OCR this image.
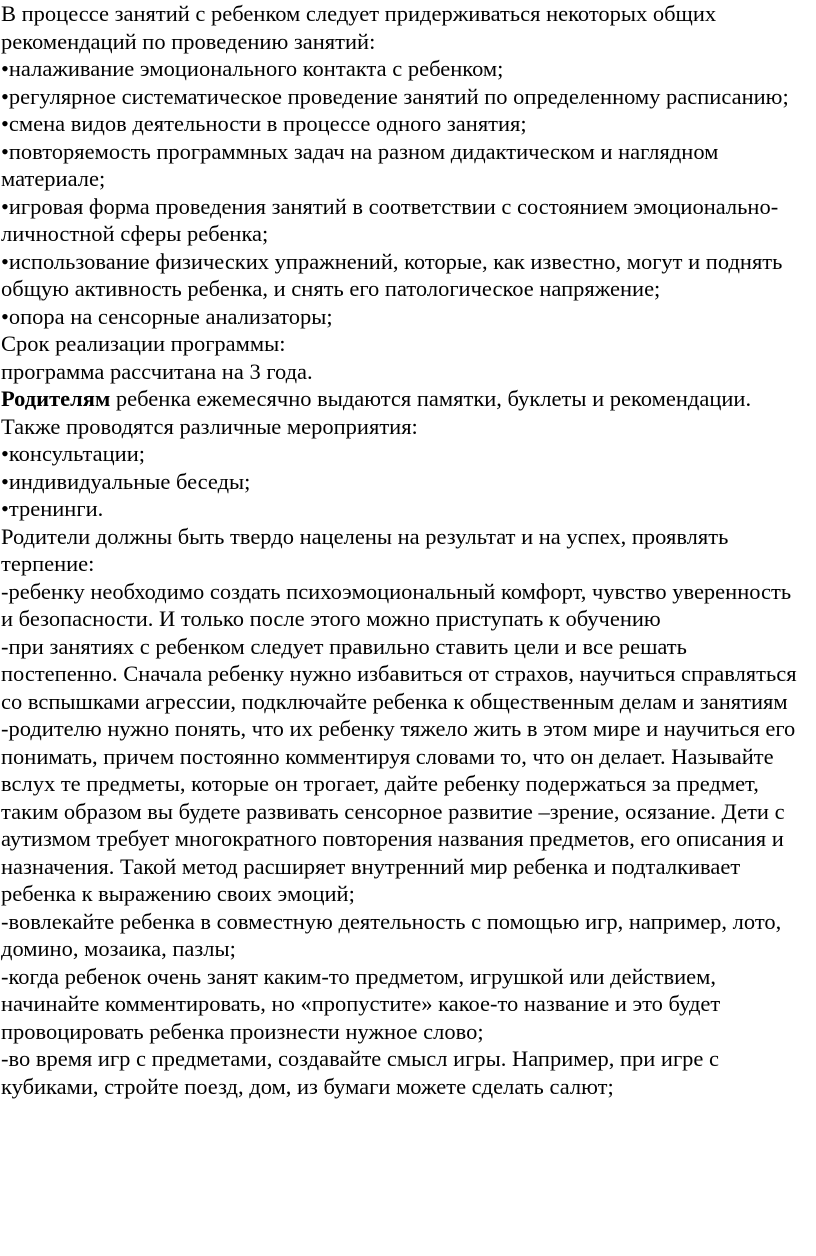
В процессе занятий с ребенком следует придерживаться некоторых общих рекомендаций по проведению занятий:

•налаживание эмоционального контакта с ребенком;

•регулярное систематическое проведение занятий по определенному расписанию;

•смена видов деятельности в процессе одного занятия;

•повторяемость программных задач на разном дидактическом и наглядном материале;

•игровая форма проведения занятий в соответствии с состоянием эмоционально-личностной сферы ребенка;

•использование физических упражнений, которые, как известно, могут и поднять общую активность ребенка, и снять его патологическое напряжение;

•опора на сенсорные анализаторы;

Срок реализации программы:

программа рассчитана на 3 года.

Родителям ребенка ежемесячно выдаются памятки, буклеты и рекомендации. Также проводятся различные мероприятия:

•консультации;

•индивидуальные беседы;

•тренинги.

Родители должны быть твердо нацелены на результат и на успех, проявлять терпение:

-ребенку необходимо создать психоэмоциональный комфорт, чувство уверенность и безопасности. И только после этого можно приступать к обучению

-при занятиях с ребенком следует правильно ставить цели и все решать постепенно. Сначала ребенку нужно избавиться от страхов, научиться справляться со вспышками агрессии, подключайте ребенка к общественным делам и занятиям

-родителю нужно понять, что их ребенку тяжело жить в этом мире и научиться его понимать, причем постоянно комментируя словами то, что он делает. Называйте вслух те предметы, которые он трогает, дайте ребенку подержаться за предмет, таким образом вы будете развивать сенсорное развитие –зрение, осязание. Дети с аутизмом требует многократного повторения названия предметов, его описания и назначения. Такой метод расширяет внутренний мир ребенка и подталкивает ребенка к выражению своих эмоций;

-вовлекайте ребенка в совместную деятельность с помощью игр, например, лото, домино, мозаика, пазлы;

-когда ребенок очень занят каким-то предметом, игрушкой или действием, начинайте комментировать, но «пропустите» какое-то название и это будет провоцировать ребенка произнести нужное слово;

-во время игр с предметами, создавайте смысл игры. Например, при игре с кубиками, стройте поезд, дом, из бумаги можете сделать салют;
